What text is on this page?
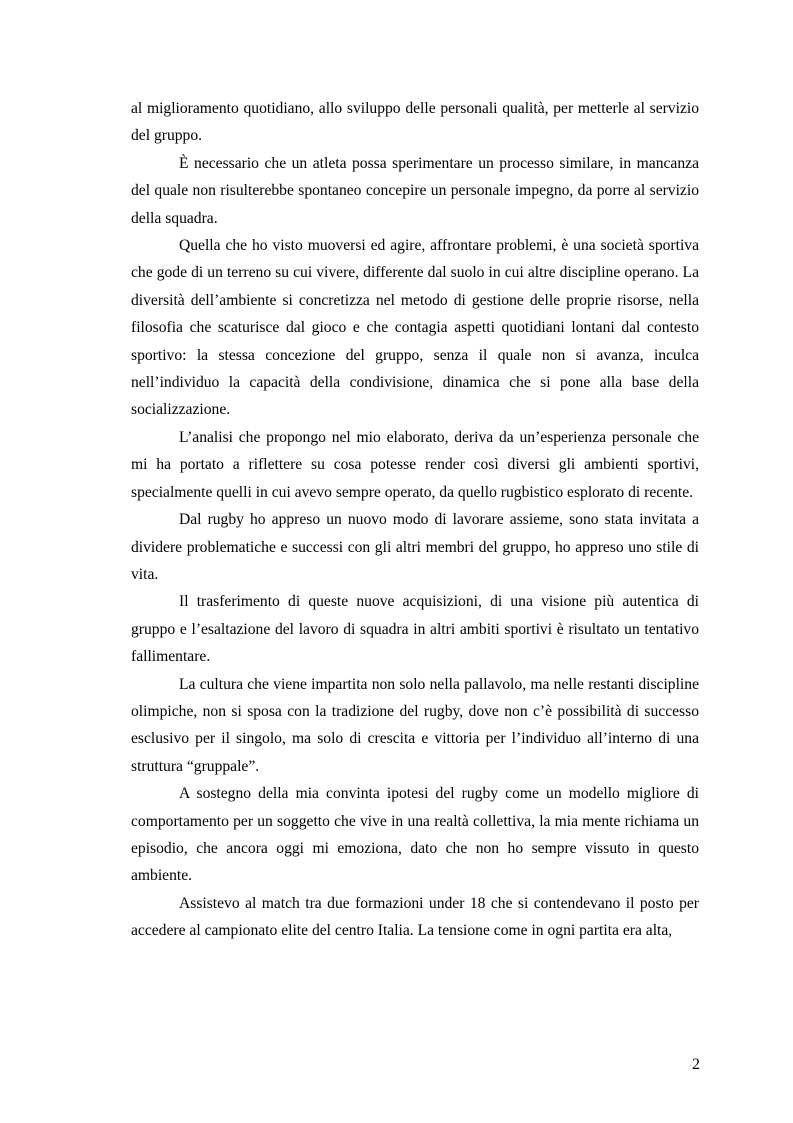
al miglioramento quotidiano, allo sviluppo delle personali qualità, per metterle al servizio del gruppo.

È necessario che un atleta possa sperimentare un processo similare, in mancanza del quale non risulterebbe spontaneo concepire un personale impegno, da porre al servizio della squadra.

Quella che ho visto muoversi ed agire, affrontare problemi, è una società sportiva che gode di un terreno su cui vivere, differente dal suolo in cui altre discipline operano. La diversità dell’ambiente si concretizza nel metodo di gestione delle proprie risorse, nella filosofia che scaturisce dal gioco e che contagia aspetti quotidiani lontani dal contesto sportivo: la stessa concezione del gruppo, senza il quale non si avanza, inculca nell’individuo la capacità della condivisione, dinamica che si pone alla base della socializzazione.

L’analisi che propongo nel mio elaborato, deriva da un’esperienza personale che mi ha portato a riflettere su cosa potesse render così diversi gli ambienti sportivi, specialmente quelli in cui avevo sempre operato, da quello rugbistico esplorato di recente.

Dal rugby ho appreso un nuovo modo di lavorare assieme, sono stata invitata a dividere problematiche e successi con gli altri membri del gruppo, ho appreso uno stile di vita.

Il trasferimento di queste nuove acquisizioni, di una visione più autentica di gruppo e l’esaltazione del lavoro di squadra in altri ambiti sportivi è risultato un tentativo fallimentare.

La cultura che viene impartita non solo nella pallavolo, ma nelle restanti discipline olimpiche, non si sposa con la tradizione del rugby, dove non c’è possibilità di successo esclusivo per il singolo, ma solo di crescita e vittoria per l’individuo all’interno di una struttura “gruppale”.

A sostegno della mia convinta ipotesi del rugby come un modello migliore di comportamento per un soggetto che vive in una realtà collettiva, la mia mente richiama un episodio, che ancora oggi mi emoziona, dato che non ho sempre vissuto in questo ambiente.

Assistevo al match tra due formazioni under 18 che si contendevano il posto per accedere al campionato elite del centro Italia. La tensione come in ogni partita era alta,

2
